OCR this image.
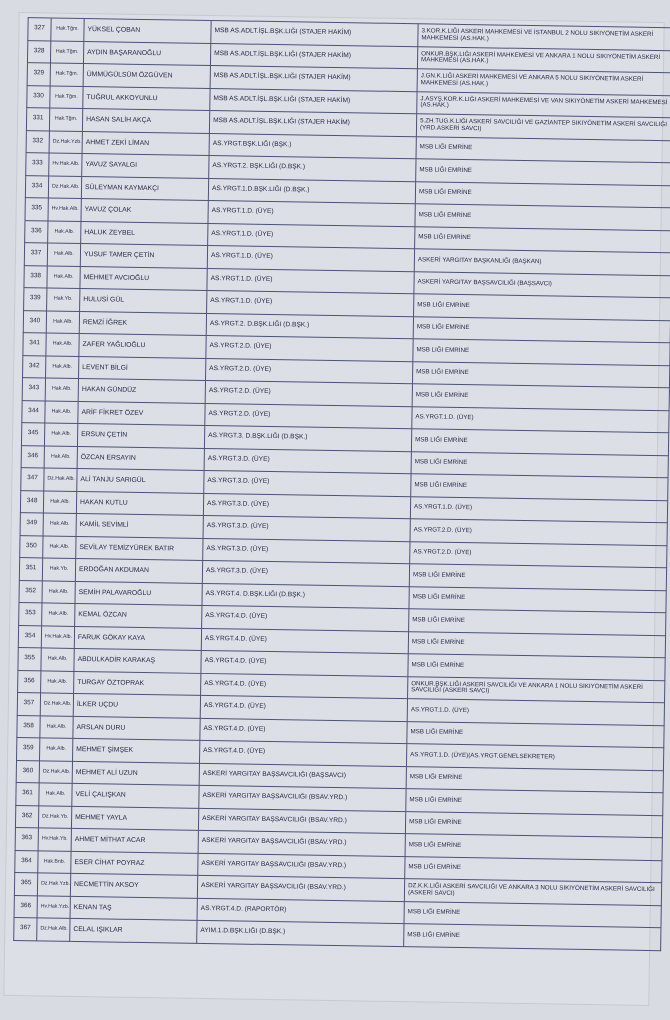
327	Hak.Tğm.	YÜKSEL ÇOBAN	MSB AS.ADLT.İŞL.BŞK.LIĞI (STAJER HAKİM)	3.KOR.K.LIĞI ASKERİ MAHKEMESİ VE İSTANBUL 2 NOLU SIKIYÖNETİM ASKERİ MAHKEMESİ (AS.HAK.)
328	Hak.Tğm.	AYDIN BAŞARANOĞLU	MSB AS.ADLT.İŞL.BŞK.LIĞI (STAJER HAKİM)	ONKUR.BŞK.LIĞI ASKERİ MAHKEMESİ VE ANKARA 1 NOLU SIKIYÖNETİM ASKERİ MAHKEMESİ (AS.HAK.)
329	Hak.Tğm.	ÜMMÜGÜLSÜM ÖZGÜVEN	MSB AS.ADLT.İŞL.BŞK.LIĞI (STAJER HAKİM)	J.GN.K.LIĞI ASKERİ MAHKEMESİ VE ANKARA 5 NOLU SIKIYÖNETİM ASKERİ MAHKEMESİ (AS.HAK.)
330	Hak.Tğm.	TUĞRUL AKKOYUNLU	MSB AS.ADLT.İŞL.BŞK.LIĞI (STAJER HAKİM)	J.ASYŞ.KOR.K.LIĞI ASKERİ MAHKEMESİ VE VAN SIKIYÖNETİM ASKERİ MAHKEMESİ (AS.HAK.)
331	Hak.Tğm.	HASAN SALİH AKÇA	MSB AS.ADLT.İŞL.BŞK.LIĞI (STAJER HAKİM)	5.ZH.TUG.K.LIĞI ASKERİ SAVCILIĞI VE GAZİANTEP SIKIYÖNETİM ASKERİ SAVCILIĞI (YRD.ASKERİ SAVCI)
332	Dz.Hak.Yzb.	AHMET ZEKİ LİMAN	AS.YRGT.BŞK.LIĞI (BŞK.)	MSB LIĞI EMRİNE
333	Hv.Hak.Alb.	YAVUZ SAYALGI	AS.YRGT.2. BŞK.LIĞI (D.BŞK.)	MSB LIĞI EMRİNE
334	Dz.Hak.Alb.	SÜLEYMAN KAYMAKÇI	AS.YRGT.1.D.BŞK.LIĞI (D.BŞK.)	MSB LIĞI EMRİNE
335	Hv.Hak.Alb.	YAVUZ ÇOLAK	AS.YRGT.1.D. (ÜYE)	MSB LIĞI EMRİNE
336	Hak.Alb.	HALUK ZEYBEL	AS.YRGT.1.D. (ÜYE)	MSB LIĞI EMRİNE
337	Hak.Alb.	YUSUF TAMER ÇETİN	AS.YRGT.1.D. (ÜYE)	ASKERİ YARGITAY BAŞKANLIĞI (BAŞKAN)
338	Hak.Alb.	MEHMET AVCIOĞLU	AS.YRGT.1.D. (ÜYE)	ASKERİ YARGITAY BAŞSAVCILIĞI (BAŞSAVCI)
339	Hak.Yb.	HULUSİ GÜL	AS.YRGT.1.D. (ÜYE)	MSB LIĞI EMRİNE
340	Hak.Alb.	REMZİ İĞREK	AS.YRGT.2. D.BŞK.LIĞI (D.BŞK.)	MSB LIĞI EMRİNE
341	Hak.Alb.	ZAFER YAĞLIOĞLU	AS.YRGT.2.D. (ÜYE)	MSB LIĞI EMRİNE
342	Hak.Alb.	LEVENT BİLGİ	AS.YRGT.2.D. (ÜYE)	MSB LIĞI EMRİNE
343	Hak.Alb.	HAKAN GÜNDÜZ	AS.YRGT.2.D. (ÜYE)	MSB LIĞI EMRİNE
344	Hak.Alb.	ARİF FİKRET ÖZEV	AS.YRGT.2.D. (ÜYE)	AS.YRGT.1.D. (ÜYE)
345	Hak.Alb.	ERSUN ÇETİN	AS.YRGT.3. D.BŞK.LIĞI (D.BŞK.)	MSB LIĞI EMRİNE
346	Hak.Alb.	ÖZCAN ERSAYIN	AS.YRGT.3.D. (ÜYE)	MSB LIĞI EMRİNE
347	Dz.Hak.Alb.	ALİ TANJU SARIGÜL	AS.YRGT.3.D. (ÜYE)	MSB LIĞI EMRİNE
348	Hak.Alb.	HAKAN KUTLU	AS.YRGT.3.D. (ÜYE)	AS.YRGT.1.D. (ÜYE)
349	Hak.Alb.	KAMİL SEVİMLİ	AS.YRGT.3.D. (ÜYE)	AS.YRGT.2.D. (ÜYE)
350	Hak.Alb.	SEVİLAY TEMİZYÜREK BATIR	AS.YRGT.3.D. (ÜYE)	AS.YRGT.2.D. (ÜYE)
351	Hak.Yb.	ERDOĞAN AKDUMAN	AS.YRGT.3.D. (ÜYE)	MSB LIĞI EMRİNE
352	Hak.Alb.	SEMİH PALAVAROĞLU	AS.YRGT.4. D.BŞK.LIĞI (D.BŞK.)	MSB LIĞI EMRİNE
353	Hak.Alb.	KEMAL ÖZCAN	AS.YRGT.4.D. (ÜYE)	MSB LIĞI EMRİNE
354	Hv.Hak.Alb.	FARUK GÖKAY KAYA	AS.YRGT.4.D. (ÜYE)	MSB LIĞI EMRİNE
355	Hak.Alb.	ABDULKADİR KARAKAŞ	AS.YRGT.4.D. (ÜYE)	MSB LIĞI EMRİNE
356	Hak.Alb.	TURGAY ÖZTOPRAK	AS.YRGT.4.D. (ÜYE)	ONKUR.BŞK.LIĞI ASKERİ SAVCILIĞI VE ANKARA 1 NOLU SIKIYÖNETİM ASKERİ SAVCILIĞI (ASKERİ SAVCI)
357	Dz.Hak.Alb.	İLKER UÇDU	AS.YRGT.4.D. (ÜYE)	AS.YRGT.1.D. (ÜYE)
358	Hak.Alb.	ARSLAN DURU	AS.YRGT.4.D. (ÜYE)	MSB LIĞI EMRİNE
359	Hak.Alb.	MEHMET ŞİMŞEK	AS.YRGT.4.D. (ÜYE)	AS.YRGT.1.D. (ÜYE)(AS.YRGT.GENELSEKRETER)
360	Dz.Hak.Alb.	MEHMET ALİ UZUN	ASKERİ YARGITAY BAŞSAVCILIĞI (BAŞSAVCI)	MSB LIĞI EMRİNE
361	Hak.Alb.	VELİ ÇALIŞKAN	ASKERİ YARGITAY BAŞSAVCILIĞI (BSAV.YRD.)	MSB LIĞI EMRİNE
362	Dz.Hak.Yb.	MEHMET YAYLA	ASKERİ YARGITAY BAŞSAVCILIĞI (BSAV.YRD.)	MSB LIĞI EMRİNE
363	Hv.Hak.Yb.	AHMET MİTHAT ACAR	ASKERİ YARGITAY BAŞSAVCILIĞI (BSAV.YRD.)	MSB LIĞI EMRİNE
364	Hak.Bnb.	ESER CİHAT POYRAZ	ASKERİ YARGITAY BAŞSAVCILIĞI (BSAV.YRD.)	MSB LIĞI EMRİNE
365	Dz.Hak.Yzb.	NECMETTİN AKSOY	ASKERİ YARGITAY BAŞSAVCILIĞI (BSAV.YRD.)	DZ.K.K.LIĞI ASKERİ SAVCILIĞI VE ANKARA 3 NOLU SIKIYÖNETİM ASKERİ SAVCILIĞI (ASKERİ SAVCI)
366	Hv.Hak.Yzb.	KENAN TAŞ	AS.YRGT.4.D. (RAPORTÖR)	MSB LIĞI EMRİNE
367	Dz.Hak.Alb.	CELAL IŞIKLAR	AYIM.1.D.BŞK.LIĞI (D.BŞK.)	MSB LIĞI EMRİNE
